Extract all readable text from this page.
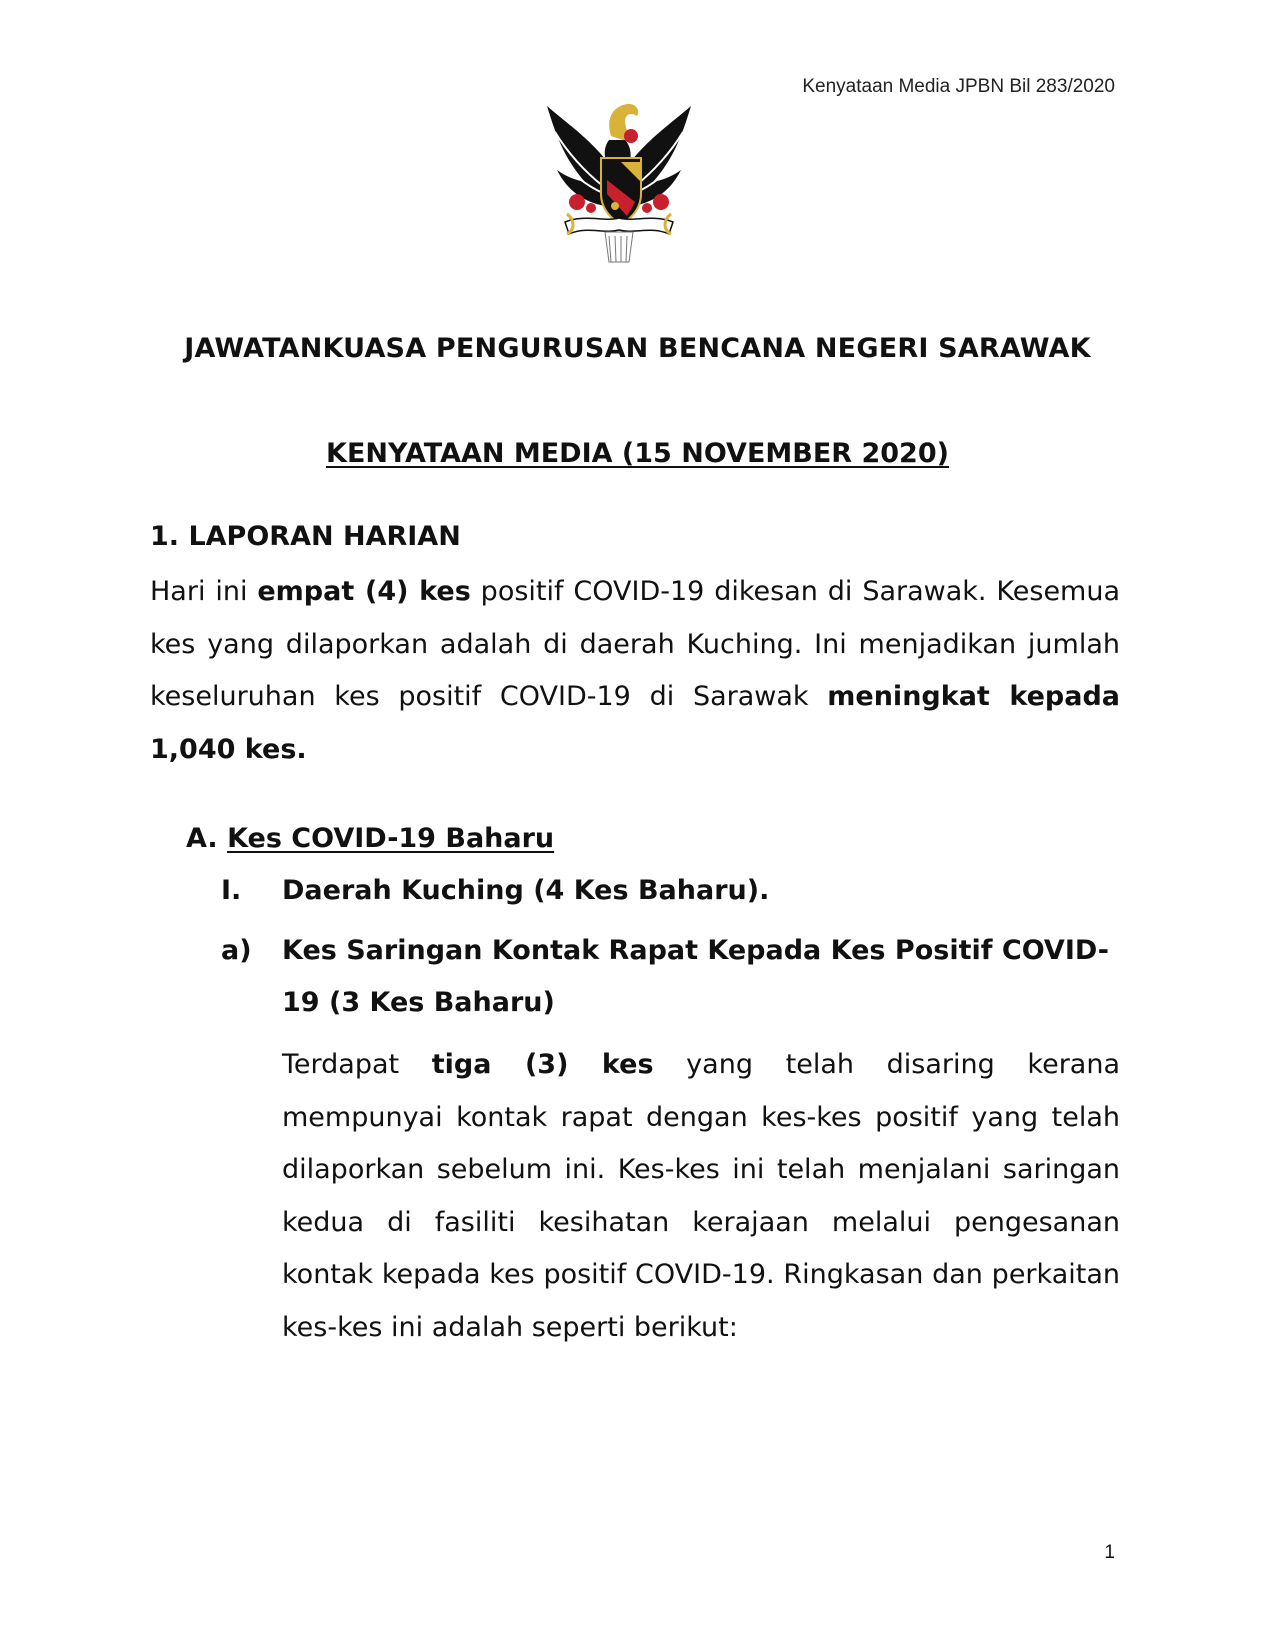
Kenyataan Media JPBN Bil 283/2020
JAWATANKUASA PENGURUSAN BENCANA NEGERI SARAWAK
KENYATAAN MEDIA (15 NOVEMBER 2020)
1. LAPORAN HARIAN
Hari ini empat (4) kes positif COVID-19 dikesan di Sarawak. Kesemua kes yang dilaporkan adalah di daerah Kuching. Ini menjadikan jumlah keseluruhan kes positif COVID-19 di Sarawak meningkat kepada 1,040 kes.
A. Kes COVID-19 Baharu
I. Daerah Kuching (4 Kes Baharu).
a) Kes Saringan Kontak Rapat Kepada Kes Positif COVID-19 (3 Kes Baharu)
Terdapat tiga (3) kes yang telah disaring kerana mempunyai kontak rapat dengan kes-kes positif yang telah dilaporkan sebelum ini. Kes-kes ini telah menjalani saringan kedua di fasiliti kesihatan kerajaan melalui pengesanan kontak kepada kes positif COVID-19. Ringkasan dan perkaitan kes-kes ini adalah seperti berikut:
1
